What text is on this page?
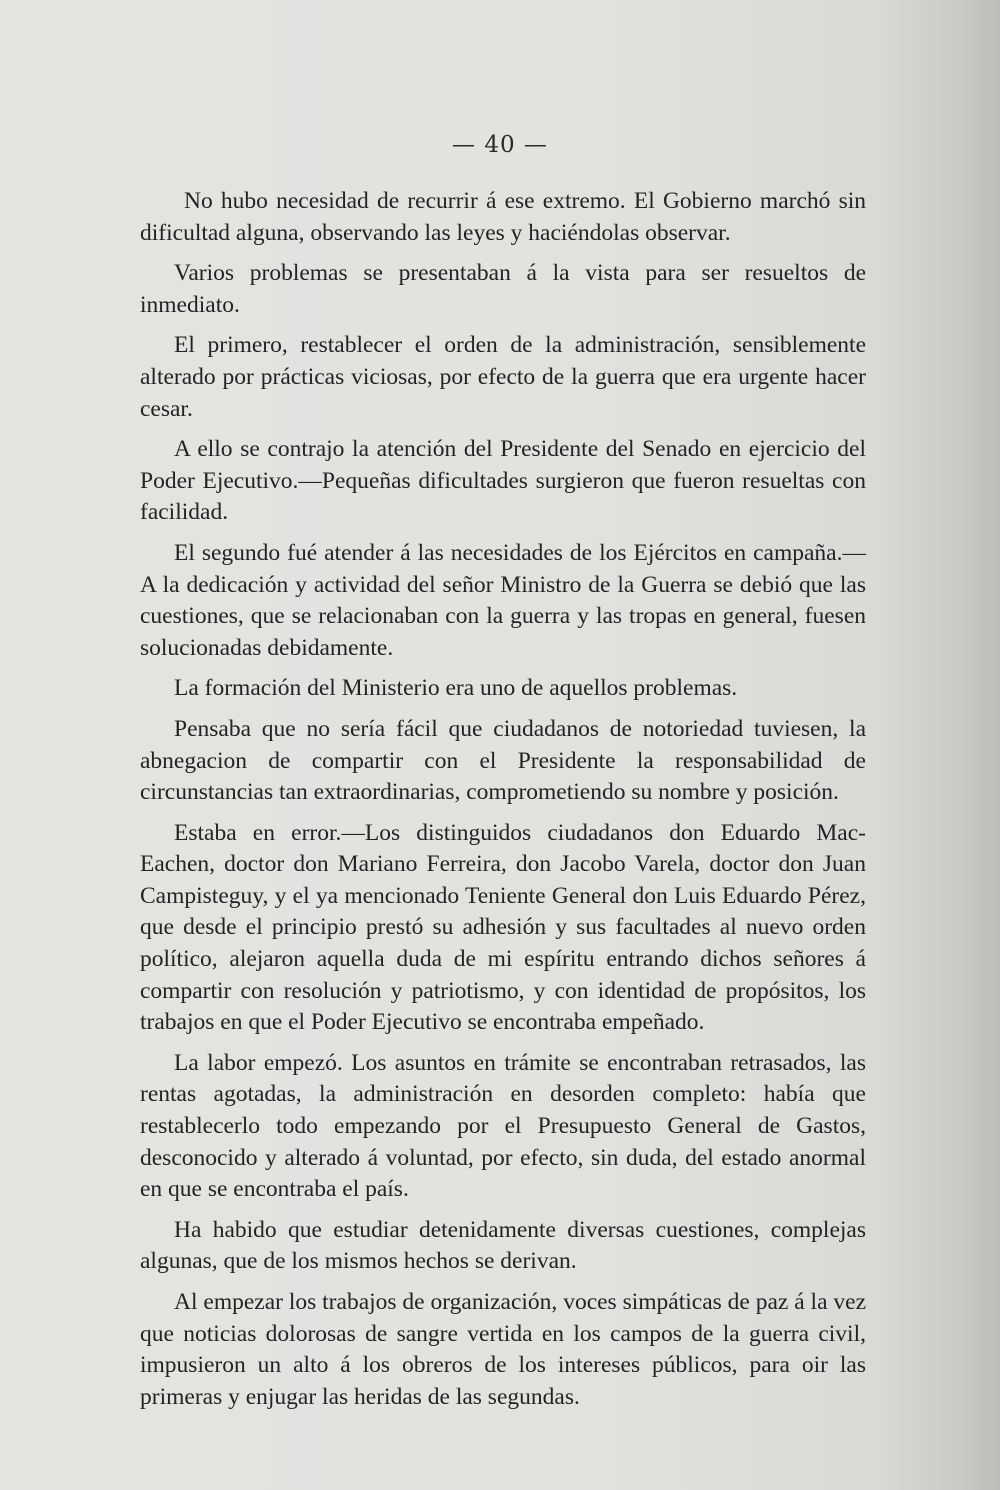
— 40 —

No hubo necesidad de recurrir á ese extremo. El Gobierno marchó sin dificultad alguna, observando las leyes y haciéndolas observar.

Varios problemas se presentaban á la vista para ser resueltos de inmediato.

El primero, restablecer el orden de la administración, sensiblemente alterado por prácticas viciosas, por efecto de la guerra que era urgente hacer cesar.

A ello se contrajo la atención del Presidente del Senado en ejercicio del Poder Ejecutivo.—Pequeñas dificultades surgieron que fueron resueltas con facilidad.

El segundo fué atender á las necesidades de los Ejércitos en campaña.—A la dedicación y actividad del señor Ministro de la Guerra se debió que las cuestiones, que se relacionaban con la guerra y las tropas en general, fuesen solucionadas debidamente.

La formación del Ministerio era uno de aquellos problemas.

Pensaba que no sería fácil que ciudadanos de notoriedad tuviesen, la abnegacion de compartir con el Presidente la responsabilidad de circunstancias tan extraordinarias, comprometiendo su nombre y posición.

Estaba en error.—Los distinguidos ciudadanos don Eduardo Mac-Eachen, doctor don Mariano Ferreira, don Jacobo Varela, doctor don Juan Campisteguy, y el ya mencionado Teniente General don Luis Eduardo Pérez, que desde el principio prestó su adhesión y sus facultades al nuevo orden político, alejaron aquella duda de mi espíritu entrando dichos señores á compartir con resolución y patriotismo, y con identidad de propósitos, los trabajos en que el Poder Ejecutivo se encontraba empeñado.

La labor empezó. Los asuntos en trámite se encontraban retrasados, las rentas agotadas, la administración en desorden completo: había que restablecerlo todo empezando por el Presupuesto General de Gastos, desconocido y alterado á voluntad, por efecto, sin duda, del estado anormal en que se encontraba el país.

Ha habido que estudiar detenidamente diversas cuestiones, complejas algunas, que de los mismos hechos se derivan.

Al empezar los trabajos de organización, voces simpáticas de paz á la vez que noticias dolorosas de sangre vertida en los campos de la guerra civil, impusieron un alto á los obreros de los intereses públicos, para oir las primeras y enjugar las heridas de las segundas.
